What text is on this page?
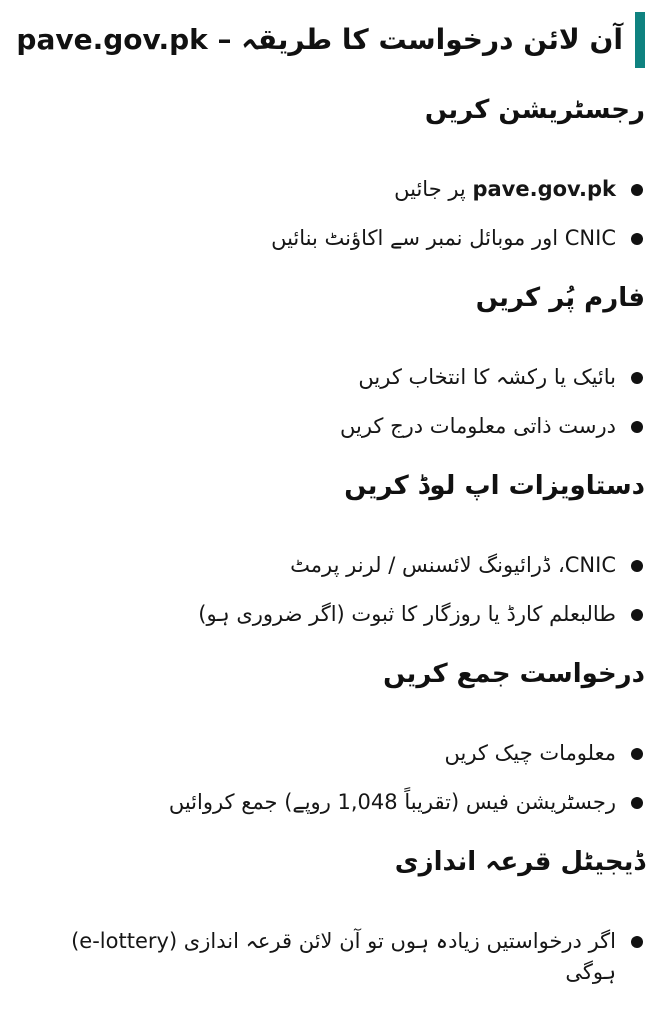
آن لائن درخواست کا طریقہ – pave.gov.pk
رجسٹریشن کریں
pave.gov.pk پر جائیں
CNIC اور موبائل نمبر سے اکاؤنٹ بنائیں
فارم پُر کریں
بائیک یا رکشہ کا انتخاب کریں
درست ذاتی معلومات درج کریں
دستاویزات اپ لوڈ کریں
CNIC، ڈرائیونگ لائسنس / لرنر پرمٹ
طالبعلم کارڈ یا روزگار کا ثبوت (اگر ضروری ہو)
درخواست جمع کریں
معلومات چیک کریں
رجسٹریشن فیس (تقریباً 1,048 روپے) جمع کروائیں
ڈیجیٹل قرعہ اندازی
اگر درخواستیں زیادہ ہوں تو آن لائن قرعہ اندازی (e-lottery) ہوگی
